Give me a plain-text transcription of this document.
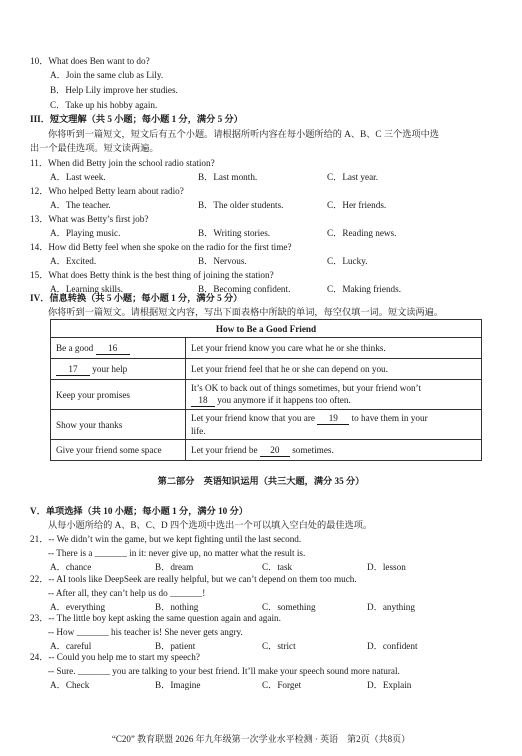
10．What does Ben want to do?
A．Join the same club as Lily.
B．Help Lily improve her studies.
C．Take up his hobby again.
III．短文理解（共 5 小题；每小题 1 分，满分 5 分）
你将听到一篇短文，短文后有五个小题。请根据所听内容在每小题所给的 A、B、C 三个选项中选
出一个最佳选项。短文读两遍。
11．When did Betty join the school radio station?
A．Last week.	B．Last month.	C．Last year.
12．Who helped Betty learn about radio?
A．The teacher.	B．The older students.	C．Her friends.
13．What was Betty’s first job?
A．Playing music.	B．Writing stories.	C．Reading news.
14．How did Betty feel when she spoke on the radio for the first time?
A．Excited.	B．Nervous.	C．Lucky.
15．What does Betty think is the best thing of joining the station?
A．Learning skills.	B．Becoming confident.	C．Making friends.
IV．信息转换（共 5 小题；每小题 1 分，满分 5 分）
你将听到一篇短文。请根据短文内容，写出下面表格中所缺的单词，每空仅填一词。短文读两遍。
How to Be a Good Friend	
Be a good 16	Let your friend know you care what he or she thinks.
17 your help	Let your friend feel that he or she can depend on you.
Keep your promises	It’s OK to back out of things sometimes, but your friend won’t
18 you anymore if it happens too often.

Show your thanks	Let your friend know that you are 19 to have them in your
life.

Give your friend some space	Let your friend be 20 sometimes.
第二部分　英语知识运用（共三大题，满分 35 分）
V．单项选择（共 10 小题；每小题 1 分，满分 10 分）
从每小题所给的 A、B、C、D 四个选项中选出一个可以填入空白处的最佳选项。
21．-- We didn’t win the game, but we kept fighting until the last second.
-- There is a _______ in it: never give up, no matter what the result is.
A．chance	B．dream	C．task	D．lesson
22．-- AI tools like DeepSeek are really helpful, but we can’t depend on them too much.
-- After all, they can’t help us do _______!
A．everything	B．nothing	C．something	D．anything
23．-- The little boy kept asking the same question again and again.
-- How _______ his teacher is! She never gets angry.
A．careful	B．patient	C．strict	D．confident
24．-- Could you help me to start my speech?
-- Sure. _______ you are talking to your best friend. It’ll make your speech sound more natural.
A．Check	B．Imagine	C．Forget	D．Explain
“C20” 教育联盟 2026 年九年级第一次学业水平检测 · 英语　第2页（共8页）
